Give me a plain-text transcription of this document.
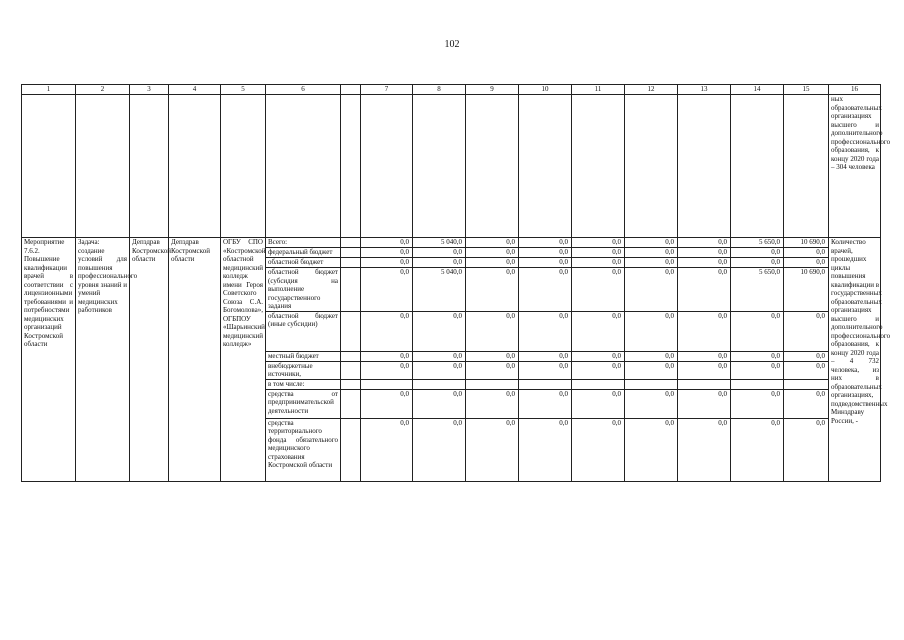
102
1	2	3	4	5	6		7	8	9	10	11	12	13	14	15	16
																ных образовательных организациях высшего и дополнительного профессионального образования, к концу 2020 года – 304 человека
Мероприятие 7.6.2. Повышение квалификации врачей в соответствии с лицензионными требованиями и потребностями медицинских организаций Костромской области	Задача: создание условий для повышения профессионального уровня знаний и умений медицинских работников	Депздрав Костромской области	Депздрав Костромской области	ОГБУ СПО «Костромской областной медицинский колледж имени Героя Советского Союза С.А. Богомолова», ОГБПОУ «Шарьинский медицинский колледж»	Всего:		0,0	5 040,0	0,0	0,0	0,0	0,0	0,0	5 650,0	10 690,0	Количество врачей, прошедших циклы повышения квалификации в государственных образовательных организациях высшего и дополнительного профессионального образования, к концу 2020 года – 4 732 человека, из них в образовательных организациях, подведомственных Минздраву России, -
					федеральный бюджет		0,0	0,0	0,0	0,0	0,0	0,0	0,0	0,0	0,0	
					областной бюджет		0,0	0,0	0,0	0,0	0,0	0,0	0,0	0,0	0,0	
					областной бюджет (субсидия на выполнение государственного задания		0,0	5 040,0	0,0	0,0	0,0	0,0	0,0	5 650,0	10 690,0	
					областной бюджет (иные субсидии)		0,0	0,0	0,0	0,0	0,0	0,0	0,0	0,0	0,0	
					местный бюджет		0,0	0,0	0,0	0,0	0,0	0,0	0,0	0,0	0,0	
					внебюджетные источники,		0,0	0,0	0,0	0,0	0,0	0,0	0,0	0,0	0,0	
					в том числе:											
					средства от предпринимательской деятельности		0,0	0,0	0,0	0,0	0,0	0,0	0,0	0,0	0,0	
					средства территориального фонда обязательного медицинского страхования Костромской области		0,0	0,0	0,0	0,0	0,0	0,0	0,0	0,0	0,0	
